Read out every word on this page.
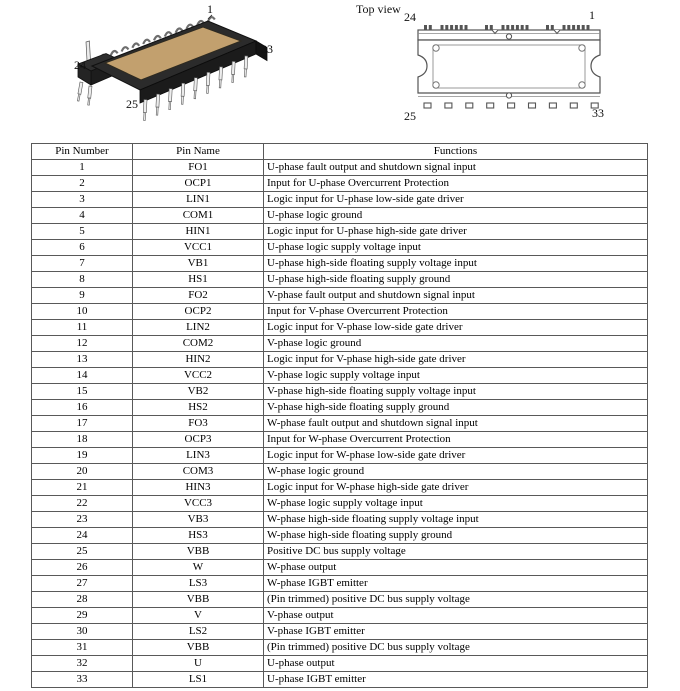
1
24
33
25
Top view
24	1
25	33
Pin Number	Pin Name	Functions
1	FO1	U-phase fault output and shutdown signal input
2	OCP1	Input for U-phase Overcurrent Protection
3	LIN1	Logic input for U-phase low-side gate driver
4	COM1	U-phase logic ground
5	HIN1	Logic input for U-phase high-side gate driver
6	VCC1	U-phase logic supply voltage input
7	VB1	U-phase high-side floating supply voltage input
8	HS1	U-phase high-side floating supply ground
9	FO2	V-phase fault output and shutdown signal input
10	OCP2	Input for V-phase Overcurrent Protection
11	LIN2	Logic input for V-phase low-side gate driver
12	COM2	V-phase logic ground
13	HIN2	Logic input for V-phase high-side gate driver
14	VCC2	V-phase logic supply voltage input
15	VB2	V-phase high-side floating supply voltage input
16	HS2	V-phase high-side floating supply ground
17	FO3	W-phase fault output and shutdown signal input
18	OCP3	Input for W-phase Overcurrent Protection
19	LIN3	Logic input for W-phase low-side gate driver
20	COM3	W-phase logic ground
21	HIN3	Logic input for W-phase high-side gate driver
22	VCC3	W-phase logic supply voltage input
23	VB3	W-phase high-side floating supply voltage input
24	HS3	W-phase high-side floating supply ground
25	VBB	Positive DC bus supply voltage
26	W	W-phase output
27	LS3	W-phase IGBT emitter
28	VBB	(Pin trimmed) positive DC bus supply voltage
29	V	V-phase output
30	LS2	V-phase IGBT emitter
31	VBB	(Pin trimmed) positive DC bus supply voltage
32	U	U-phase output
33	LS1	U-phase IGBT emitter
